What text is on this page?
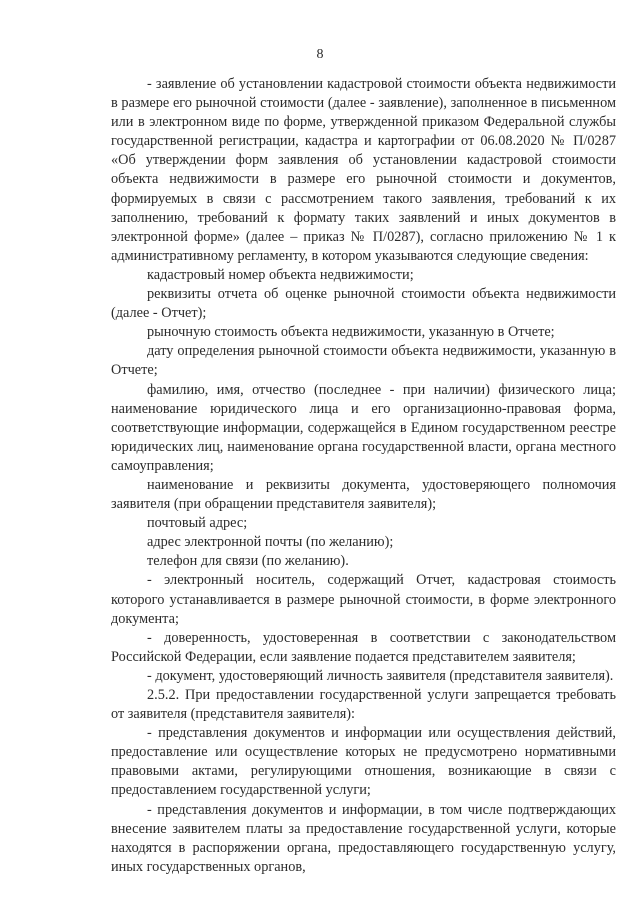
8

- заявление об установлении кадастровой стоимости объекта недвижимости в размере его рыночной стоимости (далее - заявление), заполненное в письменном или в электронном виде по форме, утвержденной приказом Федеральной службы государственной регистрации, кадастра и картографии от 06.08.2020 № П/0287 «Об утверждении форм заявления об установлении кадастровой стоимости объекта недвижимости в размере его рыночной стоимости и документов, формируемых в связи с рассмотрением такого заявления, требований к их заполнению, требований к формату таких заявлений и иных документов в электронной форме» (далее – приказ № П/0287), согласно приложению № 1 к административному регламенту, в котором указываются следующие сведения:

кадастровый номер объекта недвижимости;

реквизиты отчета об оценке рыночной стоимости объекта недвижимости (далее - Отчет);

рыночную стоимость объекта недвижимости, указанную в Отчете;

дату определения рыночной стоимости объекта недвижимости, указанную в Отчете;

фамилию, имя, отчество (последнее - при наличии) физического лица; наименование юридического лица и его организационно-правовая форма, соответствующие информации, содержащейся в Едином государственном реестре юридических лиц, наименование органа государственной власти, органа местного самоуправления;

наименование и реквизиты документа, удостоверяющего полномочия заявителя (при обращении представителя заявителя);

почтовый адрес;

адрес электронной почты (по желанию);

телефон для связи (по желанию).

- электронный носитель, содержащий Отчет, кадастровая стоимость которого устанавливается в размере рыночной стоимости, в форме электронного документа;

- доверенность, удостоверенная в соответствии с законодательством Российской Федерации, если заявление подается представителем заявителя;

- документ, удостоверяющий личность заявителя (представителя заявителя).

2.5.2. При предоставлении государственной услуги запрещается требовать от заявителя (представителя заявителя):

- представления документов и информации или осуществления действий, предоставление или осуществление которых не предусмотрено нормативными правовыми актами, регулирующими отношения, возникающие в связи с предоставлением государственной услуги;

- представления документов и информации, в том числе подтверждающих внесение заявителем платы за предоставление государственной услуги, которые находятся в распоряжении органа, предоставляющего государственную услугу, иных государственных органов,
